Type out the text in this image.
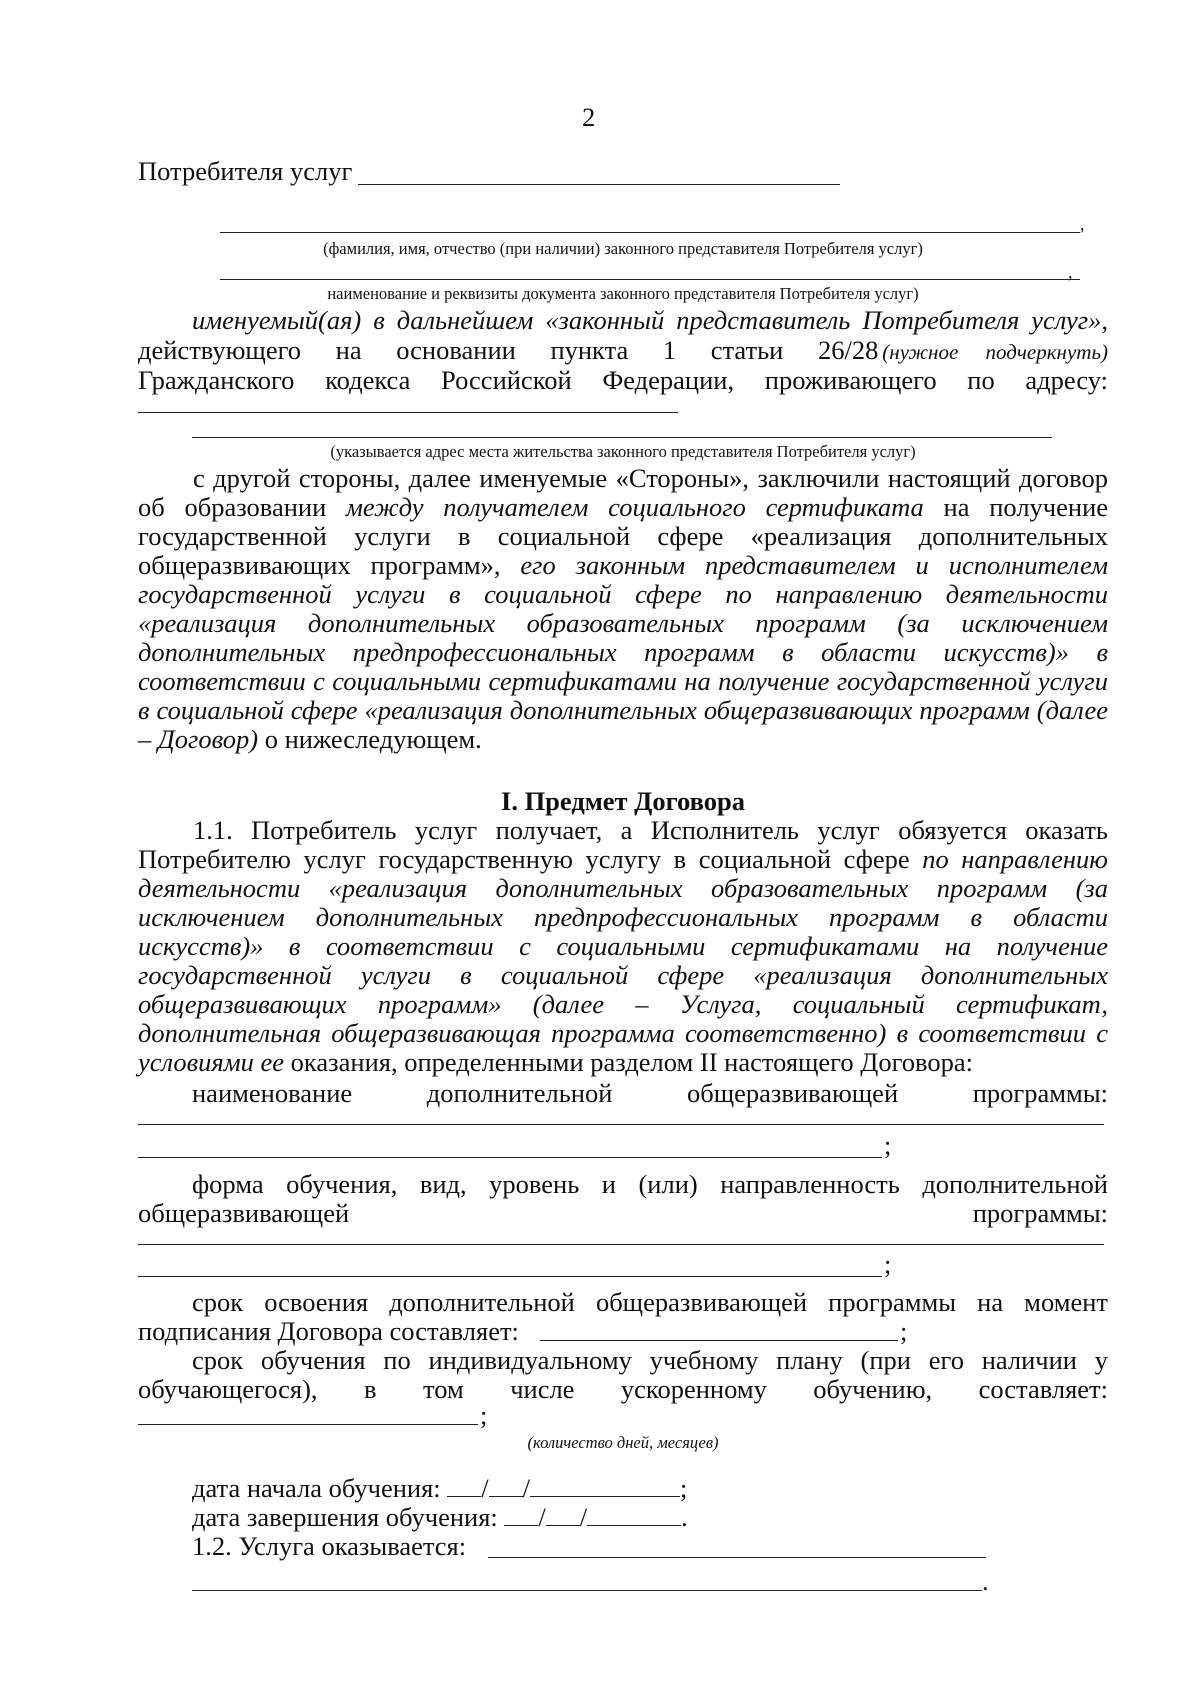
2
Потребителя услуг
,
(фамилия, имя, отчество (при наличии) законного представителя Потребителя услуг)
,
наименование и реквизиты документа законного представителя Потребителя услуг)
именуемый(ая) в дальнейшем «законный представитель Потребителя услуг»,
действующего на основании пункта 1 статьи 26/28 (нужное подчеркнуть)
Гражданского кодекса Российской Федерации, проживающего по адресу:
(указывается адрес места жительства законного представителя Потребителя услуг)
с другой стороны, далее именуемые «Стороны», заключили настоящий договор об образовании между получателем социального сертификата на получение государственной услуги в социальной сфере «реализация дополнительных общеразвивающих программ», его законным представителем и исполнителем государственной услуги в социальной сфере по направлению деятельности «реализация дополнительных образовательных программ (за исключением дополнительных предпрофессиональных программ в области искусств)» в соответствии с социальными сертификатами на получение государственной услуги в социальной сфере «реализация дополнительных общеразвивающих программ (далее – Договор) о нижеследующем.
I. Предмет Договора
1.1. Потребитель услуг получает, а Исполнитель услуг обязуется оказать Потребителю услуг государственную услугу в социальной сфере по направлению деятельности «реализация дополнительных образовательных программ (за исключением дополнительных предпрофессиональных программ в области искусств)» в соответствии с социальными сертификатами на получение государственной услуги в социальной сфере «реализация дополнительных общеразвивающих программ» (далее – Услуга, социальный сертификат, дополнительная общеразвивающая программа соответственно) в соответствии с условиями ее оказания, определенными разделом II настоящего Договора:
наименование дополнительной общеразвивающей программы:
;
форма обучения, вид, уровень и (или) направленность дополнительной
общеразвивающей программы:
;
срок освоения дополнительной общеразвивающей программы на момент
подписания Договора составляет:	;
срок обучения по индивидуальному учебному плану (при его наличии у
обучающегося), в том числе ускоренному обучению, составляет:
;
(количество дней, месяцев)
дата начала обучения: / /	;
дата завершения обучения: / /	.
1.2. Услуга оказывается:
.
